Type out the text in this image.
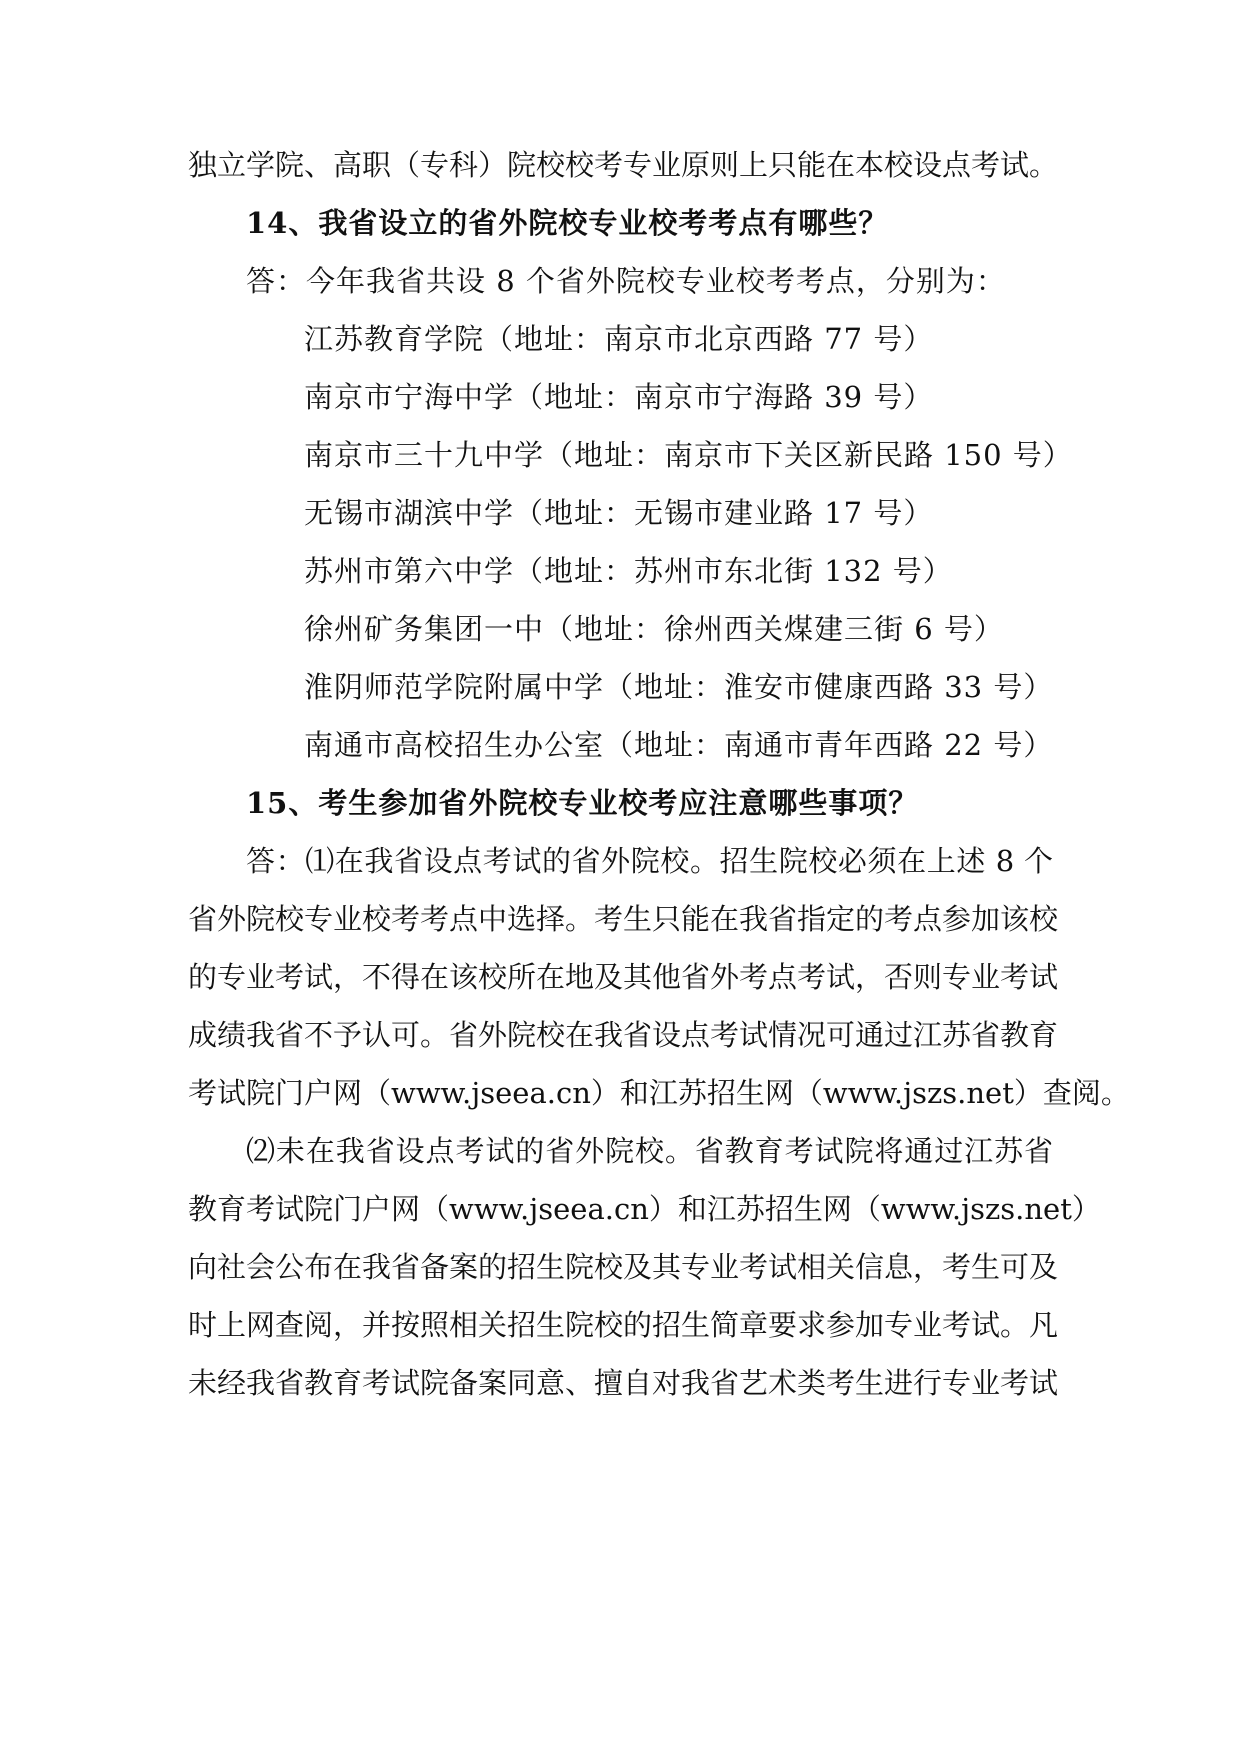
独立学院、高职（专科）院校校考专业原则上只能在本校设点考试。
14、我省设立的省外院校专业校考考点有哪些？
答：今年我省共设 8 个省外院校专业校考考点，分别为：
江苏教育学院（地址：南京市北京西路 77 号）
南京市宁海中学（地址：南京市宁海路 39 号）
南京市三十九中学（地址：南京市下关区新民路 150 号）
无锡市湖滨中学（地址：无锡市建业路 17 号）
苏州市第六中学（地址：苏州市东北街 132 号）
徐州矿务集团一中（地址：徐州西关煤建三街 6 号）
淮阴师范学院附属中学（地址：淮安市健康西路 33 号）
南通市高校招生办公室（地址：南通市青年西路 22 号）
15、考生参加省外院校专业校考应注意哪些事项？
答：⑴在我省设点考试的省外院校。招生院校必须在上述 8 个
省外院校专业校考考点中选择。考生只能在我省指定的考点参加该校
的专业考试，不得在该校所在地及其他省外考点考试，否则专业考试
成绩我省不予认可。省外院校在我省设点考试情况可通过江苏省教育
考试院门户网（www.jseea.cn）和江苏招生网（www.jszs.net）查阅。
⑵未在我省设点考试的省外院校。省教育考试院将通过江苏省
教育考试院门户网（www.jseea.cn）和江苏招生网（www.jszs.net）
向社会公布在我省备案的招生院校及其专业考试相关信息，考生可及
时上网查阅，并按照相关招生院校的招生简章要求参加专业考试。凡
未经我省教育考试院备案同意、擅自对我省艺术类考生进行专业考试
